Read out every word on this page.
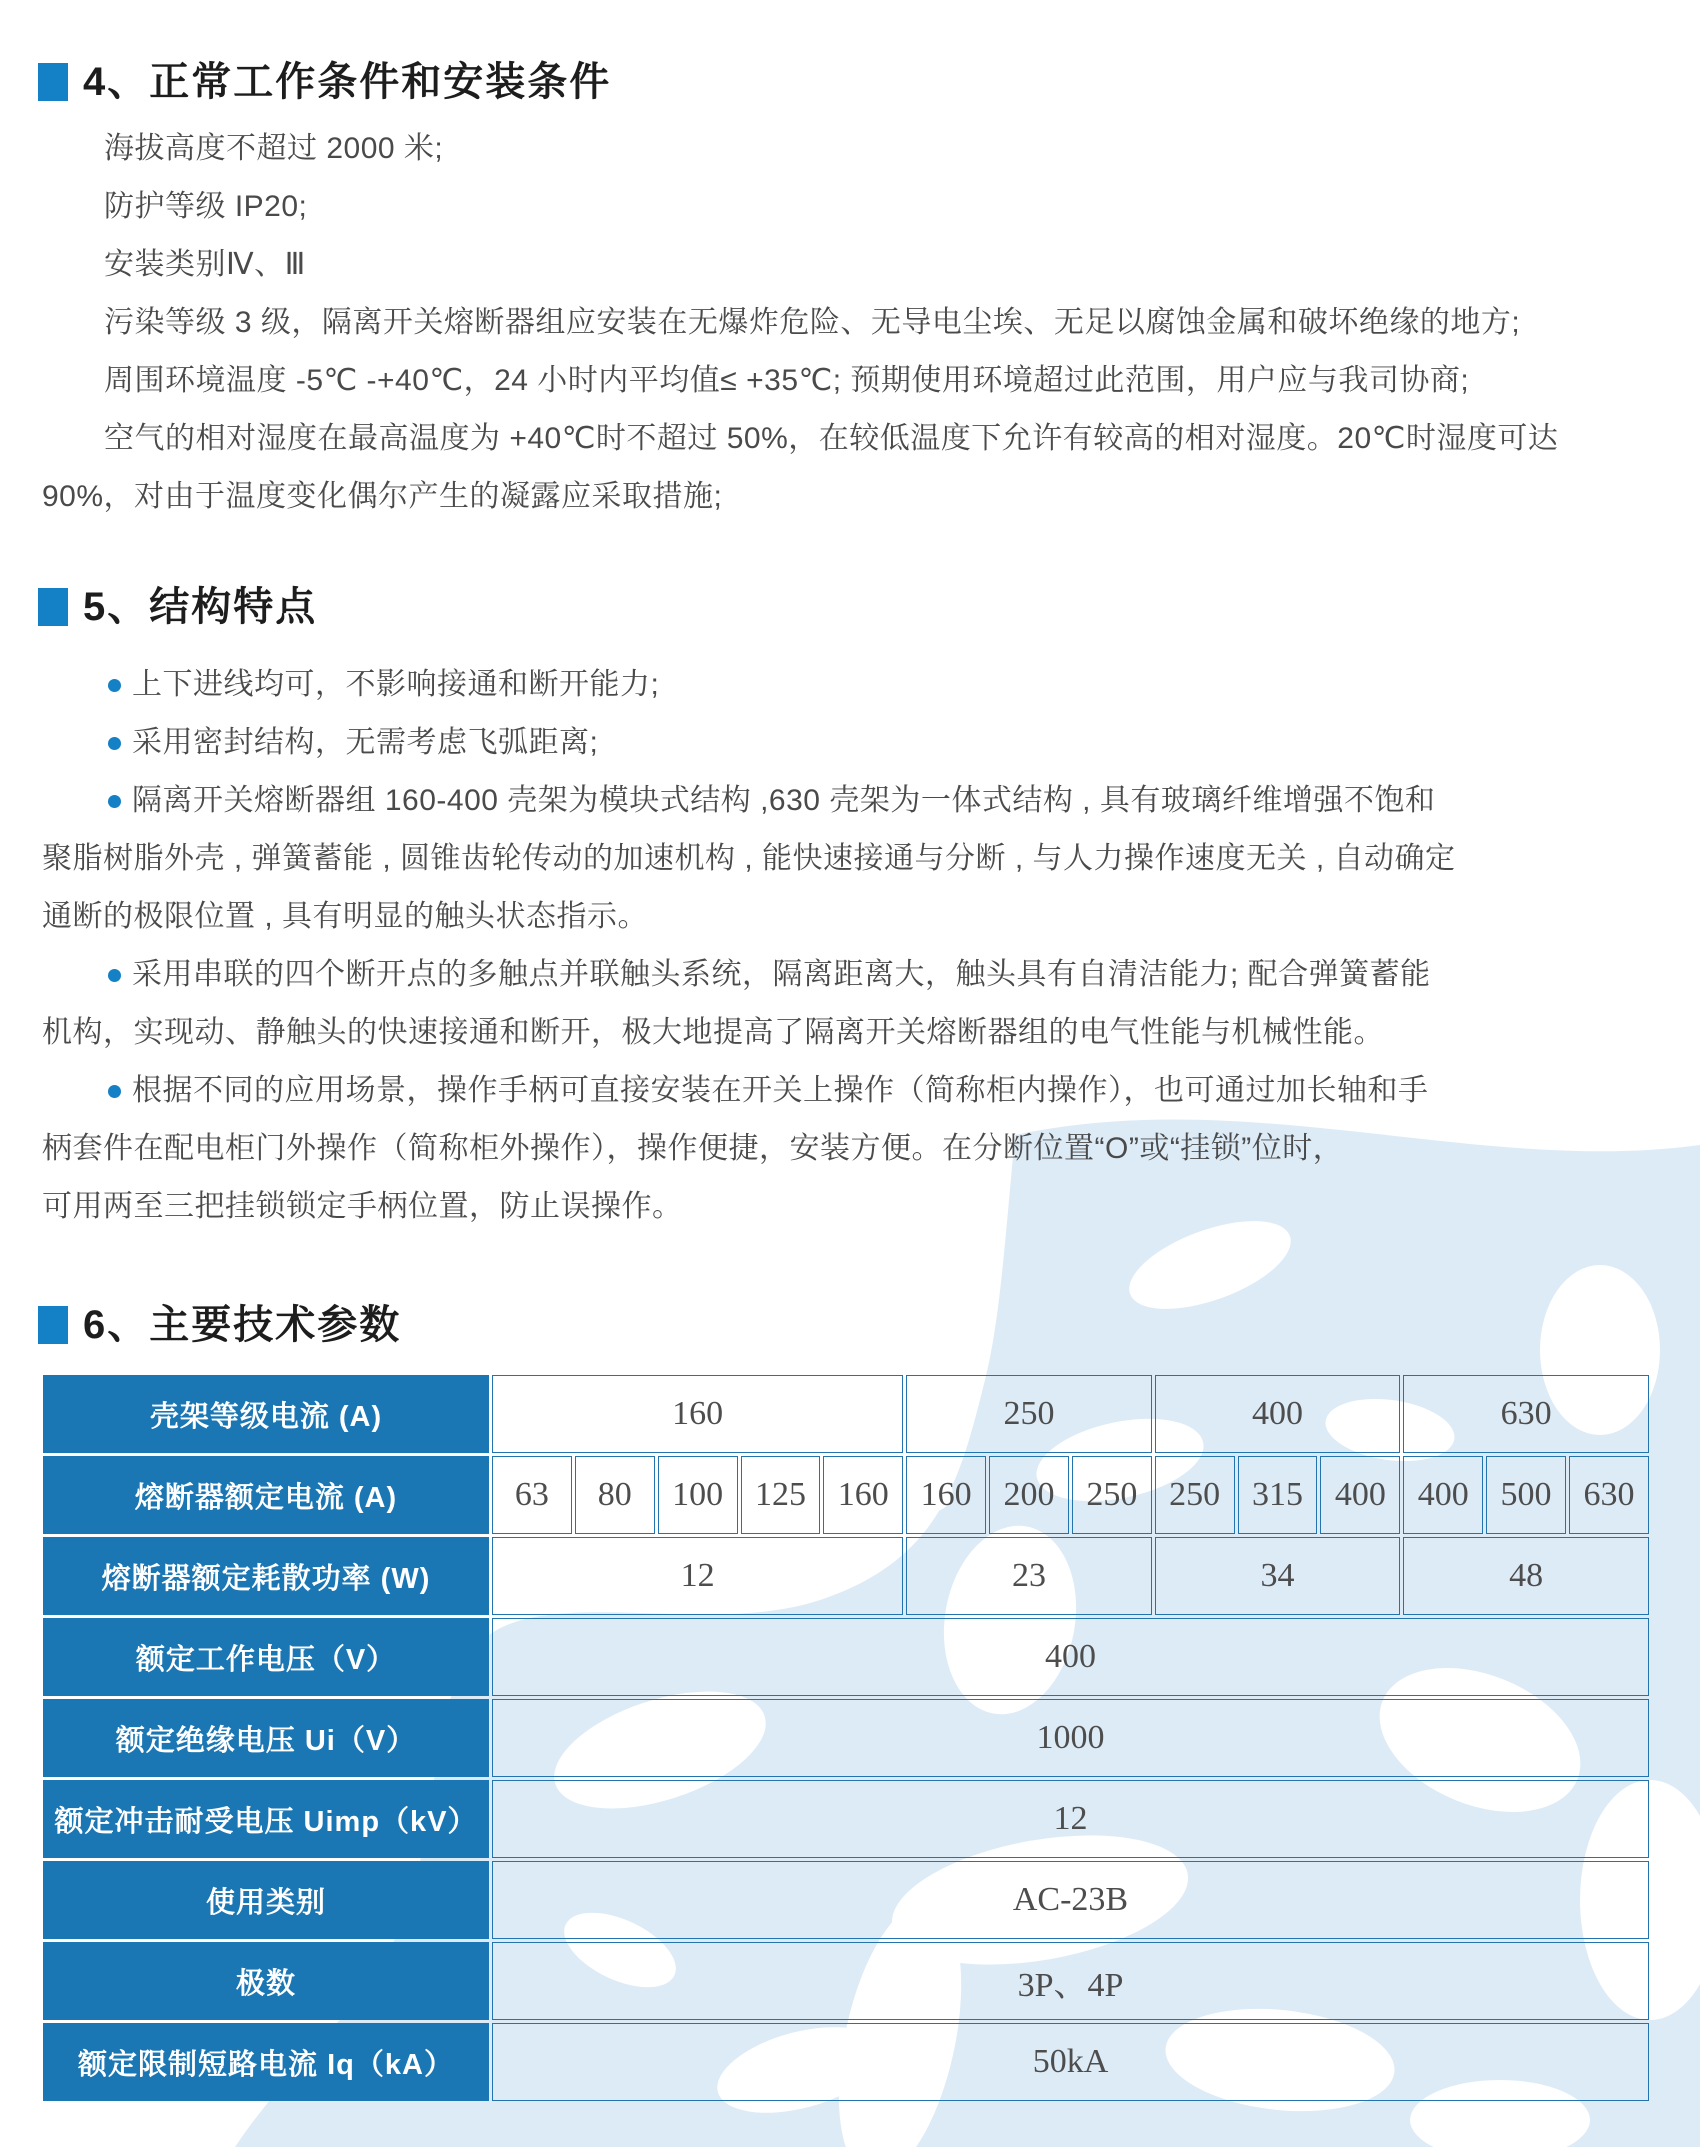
4、正常工作条件和安装条件

海拔高度不超过 2000 米;

防护等级 IP20;

安装类别Ⅳ、Ⅲ

污染等级 3 级，隔离开关熔断器组应安装在无爆炸危险、无导电尘埃、无足以腐蚀金属和破坏绝缘的地方;

周围环境温度 -5℃ -+40℃，24 小时内平均值≤ +35℃; 预期使用环境超过此范围，用户应与我司协商;

空气的相对湿度在最高温度为 +40℃时不超过 50%，在较低温度下允许有较高的相对湿度。20℃时湿度可达

90%，对由于温度变化偶尔产生的凝露应采取措施;

5、结构特点

上下进线均可，不影响接通和断开能力;

采用密封结构，无需考虑飞弧距离;

隔离开关熔断器组 160-400 壳架为模块式结构 ,630 壳架为一体式结构 , 具有玻璃纤维增强不饱和

聚脂树脂外壳 , 弹簧蓄能 , 圆锥齿轮传动的加速机构 , 能快速接通与分断 , 与人力操作速度无关 , 自动确定

通断的极限位置 , 具有明显的触头状态指示。

采用串联的四个断开点的多触点并联触头系统，隔离距离大，触头具有自清洁能力; 配合弹簧蓄能

机构，实现动、静触头的快速接通和断开，极大地提高了隔离开关熔断器组的电气性能与机械性能。

根据不同的应用场景，操作手柄可直接安装在开关上操作（简称柜内操作），也可通过加长轴和手

柄套件在配电柜门外操作（简称柜外操作），操作便捷，安装方便。在分断位置“O”或“挂锁”位时，

可用两至三把挂锁锁定手柄位置，防止误操作。

6、主要技术参数
壳架等级电流 (A)	160					250			400			630		
熔断器额定电流 (A)	63	80	100	125	160	160	200	250	250	315	400	400	500	630
熔断器额定耗散功率 (W)	12					23			34			48		
额定工作电压（V）	400													
额定绝缘电压 Ui（V）	1000													
额定冲击耐受电压 Uimp（kV）	12													
使用类别	AC-23B													
极数	3P、4P													
额定限制短路电流 Iq（kA）	50kA													
